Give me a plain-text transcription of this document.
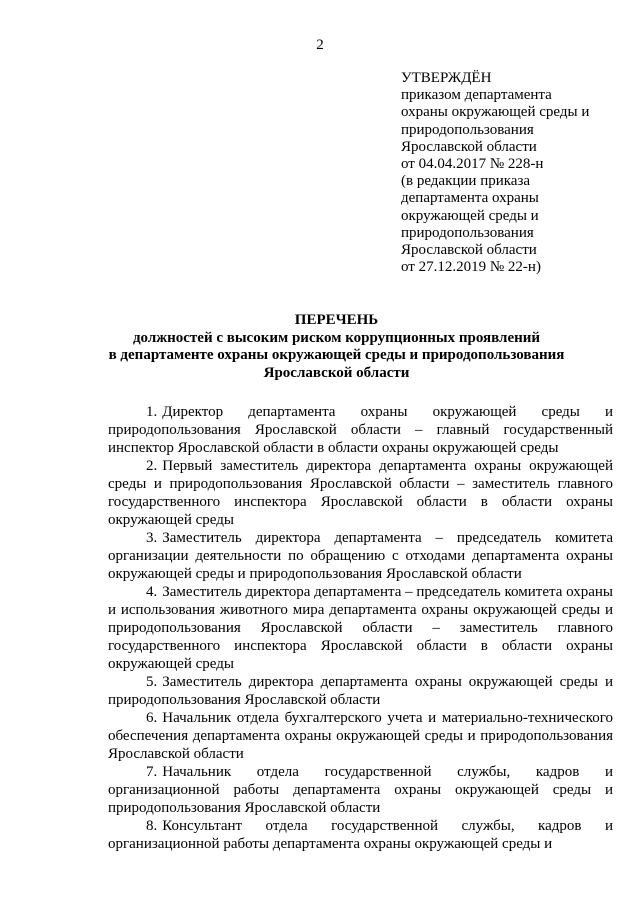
2
УТВЕРЖДЁН
приказом департамента
охраны окружающей среды и
природопользования
Ярославской области
от 04.04.2017 № 228-н
(в редакции приказа
департамента охраны
окружающей среды и
природопользования
Ярославской области
от 27.12.2019 № 22-н)
ПЕРЕЧЕНЬ
должностей с высоким риском коррупционных проявлений
в департаменте охраны окружающей среды и природопользования
Ярославской области

1. Директор департамента охраны окружающей среды и природопользования Ярославской области – главный государственный инспектор Ярославской области в области охраны окружающей среды

2. Первый заместитель директора департамента охраны окружающей среды и природопользования Ярославской области – заместитель главного государственного инспектора Ярославской области в области охраны окружающей среды

3. Заместитель директора департамента – председатель комитета организации деятельности по обращению с отходами департамента охраны окружающей среды и природопользования Ярославской области

4. Заместитель директора департамента – председатель комитета охраны и использования животного мира департамента охраны окружающей среды и природопользования Ярославской области – заместитель главного государственного инспектора Ярославской области в области охраны окружающей среды

5. Заместитель директора департамента охраны окружающей среды и природопользования Ярославской области

6. Начальник отдела бухгалтерского учета и материально-технического обеспечения департамента охраны окружающей среды и природопользования Ярославской области

7. Начальник отдела государственной службы, кадров и организационной работы департамента охраны окружающей среды и природопользования Ярославской области

8. Консультант отдела государственной службы, кадров и организационной работы департамента охраны окружающей среды и
